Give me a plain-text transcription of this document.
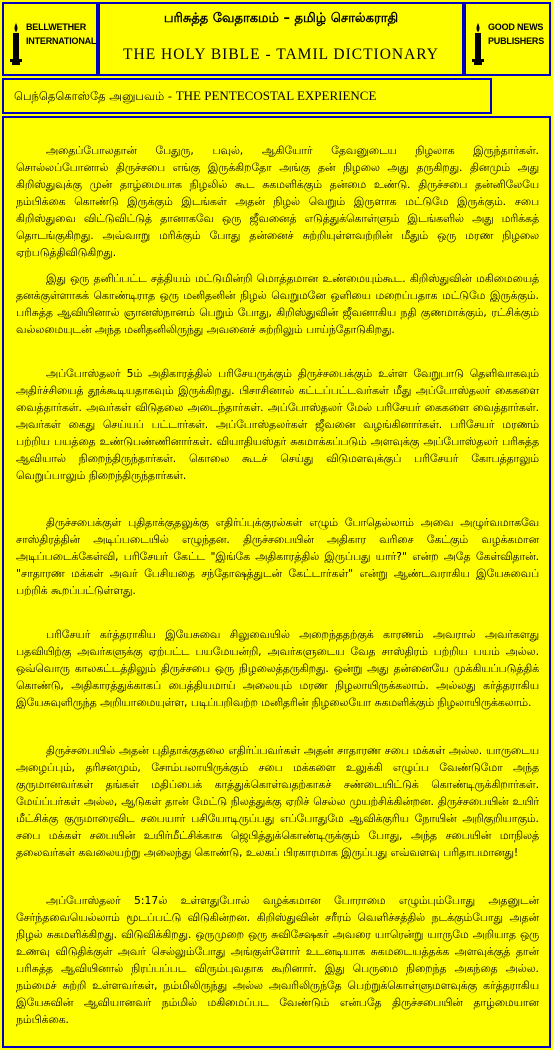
BELLWETHER INTERNATIONAL
பரிசுத்த வேதாகமம் – தமிழ் சொல்கராதி
THE HOLY BIBLE - TAMIL DICTIONARY
GOOD NEWS PUBLISHERS
பெந்தெகொஸ்தே அனுபவம் - THE PENTECOSTAL EXPERIENCE

அதைப்போலதான் பேதுரு, பவுல், ஆகியோர் தேவனுடைய நிழலாக இருந்தார்கள். சொல்லப்போனால் திருச்சபை எங்கு இருக்கிறதோ அங்கு தன் நிழலை அது தருகிறது. தினமும் அது கிறிஸ்துவுக்கு முன் தாழ்மையாக நிழலில் கூட சுகமளிக்கும் தன்மை உண்டு. திருச்சபை தன்னிலேயே நம்பிக்கை கொண்டு இருக்கும் இடங்கள் அதன் நிழல் வெறும் இருளாக மட்டுமே இருக்கும். சபை கிறிஸ்துவை விட்டுவிட்டுத் தானாகவே ஒரு ஜீவனைத் எடுத்துக்கொள்ளும் இடங்களில் அது மரிக்கத் தொடங்குகிறது. அவ்வாறு மரிக்கும் போது தன்னைச் சுற்றியுள்ளவற்றின் மீதும் ஒரு மரண நிழலை ஏற்படுத்திவிடுகிறது.

இது ஒரு தனிப்பட்ட சத்தியம் மட்டுமின்றி மொத்தமான உண்மையும்கூட. கிறிஸ்துவின் மகிமையைத் தனக்குள்ளாகக் கொண்டிராத ஒரு மனிதனின் நிழல் வெறுமனே ஒளியை மறைப்பதாக மட்டுமே இருக்கும். பரிசுத்த ஆவியினால் ஞானஸ்நானம் பெறும் போது, கிறிஸ்துவின் ஜீவனாகிய நதி குணமாக்கும், ரட்சிக்கும் வல்லமையுடன் அந்த மனிதனிலிருந்து அவனைச் சுற்றிலும் பாய்ந்தோடுகிறது.

அப்போஸ்தலர் 5ம் அதிகாரத்தில் பரிசேயருக்கும் திருச்சபைக்கும் உள்ள வேறுபாடு தெளிவாகவும் அதிர்ச்சியைத் தூக்கூடியதாகவும் இருக்கிறது. பிசாசினால் கட்டப்பட்டவர்கள் மீது அப்போஸ்தலர் கைகளை வைத்தார்கள். அவர்கள் விடுதலை அடைந்தார்கள். அப்போஸ்தலர் மேல் பரிசேயர் கைகளை வைத்தார்கள். அவர்கள் கைது செய்யப் பட்டார்கள். அப்போஸ்தலர்கள் ஜீவனை வழங்கினார்கள். பரிசேயர் மரணம் பற்றிய பயத்தை உண்டுபண்ணினார்கள். வியாதியஸ்தர் சுகமாக்கப்படும் அளவுக்கு அப்போஸ்தலர் பரிசுத்த ஆவியால் நிறைந்திருந்தார்கள். கொலை கூடச் செய்து விடுமளவுக்குப் பரிசேயர் கோபத்தாலும் வெறுப்பாலும் நிறைந்திருந்தார்கள்.

திருச்சபைக்குள் புதிதாக்குதலுக்கு எதிர்ப்புக்குரல்கள் எழும் போதெல்லாம் அவை அழுர்வமாகவே சாஸ்திரத்தின் அடிப்படையில் எழுந்தன. திருச்சபையின் அதிகார வரிசை கேட்கும் வழக்கமான அடிப்படைக்கேள்வி, பரிசேயர் கேட்ட "இங்கே அதிகாரத்தில் இருப்பது யார்?" என்ற அதே கேள்விதான். "சாதாரண மக்கள் அவர் பேசியதை சந்தோஷத்துடன் கேட்டார்கள்" என்று ஆண்டவராகிய இயேசுவைப் பற்றிக் கூறப்பட்டுள்ளது.

பரிசேயர் கர்த்தராகிய இயேசுவை சிலுவையில் அறைந்ததற்குக் காரணம் அவரால் அவர்களது பதவியிற்கு அவர்களுக்கு ஏற்பட்ட பயமேயன்றி, அவர்களுடைய வேத சாஸ்திரம் பற்றிய பயம் அல்ல. ஒவ்வொரு காலகட்டத்திலும் திருச்சபை ஒரு நிழலைத்தருகிறது. ஒன்று அது தன்னையே முக்கியப்படுத்திக் கொண்டு, அதிகாரத்துக்காகப் பைத்தியமாய் அலையும் மரண நிழலாயிருக்கலாம். அல்லது கர்த்தராகிய இயேசுவுளிருந்த அறியாமையுள்ள, படிப்பறிவற்ற மனிதரின் நிழலையோ சுகமளிக்கும் நிழலாயிருக்கலாம்.

திருச்சபையில் அதன் புதிதாக்குதலை எதிர்ப்பவர்கள் அதன் சாதாரண சபை மக்கள் அல்ல. யாருடைய அழைப்பும், தரிசனமும், சோம்பலாயிருக்கும் சபை மக்களை உலுக்கி எழுப்ப வேண்டுமோ அந்த குருமானவர்கள் தங்கள் மதிப்பைக் காத்துக்கொள்வதற்காகச் சண்டையிட்டுக் கொண்டிருக்கிறார்கள். மேய்ப்பர்கள் அல்ல, ஆடுகள் தான் மேட்டு நிலத்துக்கு ஏறிச் செல்ல முயற்சிக்கின்றன. திருச்சபையின் உயிர் மீட்சிக்கு குருமாரைவிட சபையார் பசியோடிருப்பது எப்போதுமே ஆவிக்குரிய நோயின் அறிகுறியாகும். சபை மக்கள் சபையின் உயிர்மீட்சிக்காக ஜெபித்துக்கொண்டிருக்கும் போது, அந்த சபையின் மாநிலத் தலைவர்கள் கவலையற்று அலைந்து கொண்டு, உலகப் பிரகாரமாக இருப்பது எவ்வளவு பரிதாபமானது!

அப்போஸ்தலர் 5:17ல் உள்ளதுபோல் வழக்கமான போராமை எழும்பும்போது அதனுடன் சேர்ந்தவையெல்லாம் மூடப்பட்டு விடுகின்றன. கிறிஸ்துவின் சரீரம் வெளிச்சத்தில் நடக்கும்போது அதன் நிழல் சுகமளிக்கிறது. விடுவிக்கிறது. ஒருமுறை ஒரு சுவிசேஷகர் அவரை யாரென்று யாருமே அறியாத ஒரு உணவு விடுதிக்குள் அவர் செல்லும்போது அங்குள்ளோர் உடனடியாக சுகமடையத்தக்க அளவுக்குத் தான் பரிசுத்த ஆவியினால் நிரப்பப்பட விரும்புவதாக கூறினார். இது பெருமை நிறைந்த அகந்தை அல்ல. நம்மைச் சுற்றி உள்ளவர்கள், நம்மிலிருந்து அல்ல அவரிலிருந்தே பெற்றுக்கொள்ளுமளவுக்கு கர்த்தராகிய இயேசுவின் ஆவியானவர் நம்மில் மகிமைப்பட வேண்டும் என்பதே திருச்சபையின் தாழ்மையான நம்பிக்கை.
